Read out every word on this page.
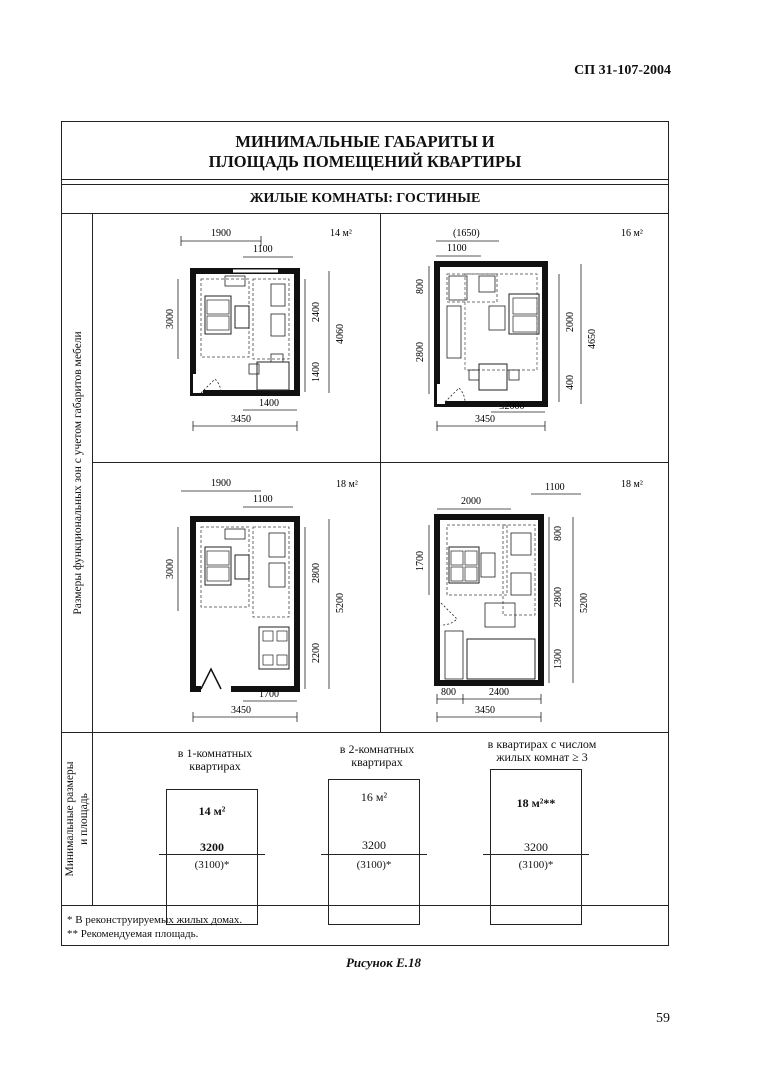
СП 31-107-2004
МИНИМАЛЬНЫЕ ГАБАРИТЫ И
ПЛОЩАДЬ ПОМЕЩЕНИЙ КВАРТИРЫ
ЖИЛЫЕ КОМНАТЫ: ГОСТИНЫЕ
Размеры функциональных зон с учетом габаритов мебели
Минимальные размеры и площадь
14 м²
1900
1100
3000	2400
1400
4060
1400
3450
16 м²
(1650)
1100
800
2800
2000
400
4650
≤2000
3450
18 м²
1900
1100
3000	2800
2200
5200
1700
3450
18 м²
1100
2000
1700
800
2800
1300
5200
800	2400
3450
в 1-комнатных
квартирах
14 м²
3200
(3100)*
в 2-комнатных
квартирах
16 м²
3200
(3100)*
в квартирах с числом
жилых комнат ≥ 3
18 м²**
3200
(3100)*
* В реконструируемых жилых домах.
** Рекомендуемая площадь.
Рисунок Е.18
59
